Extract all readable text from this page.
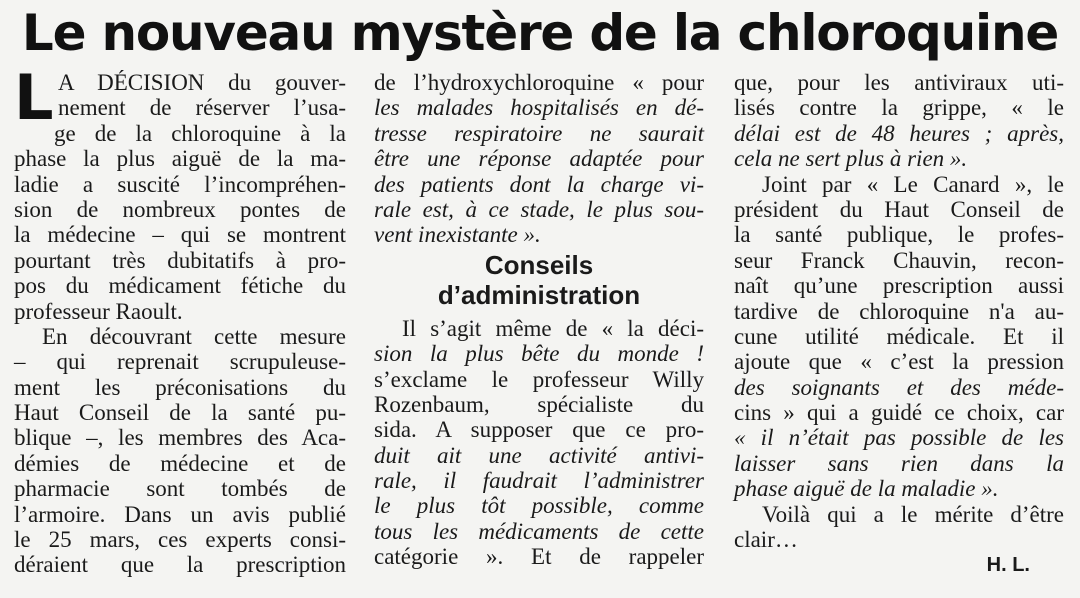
Le nouveau mystère de la chloroquine
L A DÉCISION du gouver-
nement de réserver l’usa-
ge de la chloroquine à la
phase la plus aiguë de la ma-
ladie a suscité l’incompréhen-
sion de nombreux pontes de
la médecine – qui se montrent
pourtant très dubitatifs à pro-
pos du médicament fétiche du
professeur Raoult.
En découvrant cette mesure
– qui reprenait scrupuleuse-
ment les préconisations du
Haut Conseil de la santé pu-
blique –, les membres des Aca-
démies de médecine et de
pharmacie sont tombés de
l’armoire. Dans un avis publié
le 25 mars, ces experts consi-
déraient que la prescription
de l’hydroxychloroquine « pour
les malades hospitalisés en dé-
tresse respiratoire ne saurait
être une réponse adaptée pour
des patients dont la charge vi-
rale est, à ce stade, le plus sou-
vent inexistante ».
Conseils
d’administration
Il s’agit même de « la déci-
sion la plus bête du monde !
s’exclame le professeur Willy
Rozenbaum, spécialiste du
sida. A supposer que ce pro-
duit ait une activité antivi-
rale, il faudrait l’administrer
le plus tôt possible, comme
tous les médicaments de cette
catégorie ». Et de rappeler
que, pour les antiviraux uti-
lisés contre la grippe, « le
délai est de 48 heures ; après,
cela ne sert plus à rien ».
Joint par « Le Canard », le
président du Haut Conseil de
la santé publique, le profes-
seur Franck Chauvin, recon-
naît qu’une prescription aussi
tardive de chloroquine n'a au-
cune utilité médicale. Et il
ajoute que « c’est la pression
des soignants et des méde-
cins » qui a guidé ce choix, car
« il n’était pas possible de les
laisser sans rien dans la
phase aiguë de la maladie ».
Voilà qui a le mérite d’être
clair…
H. L.
